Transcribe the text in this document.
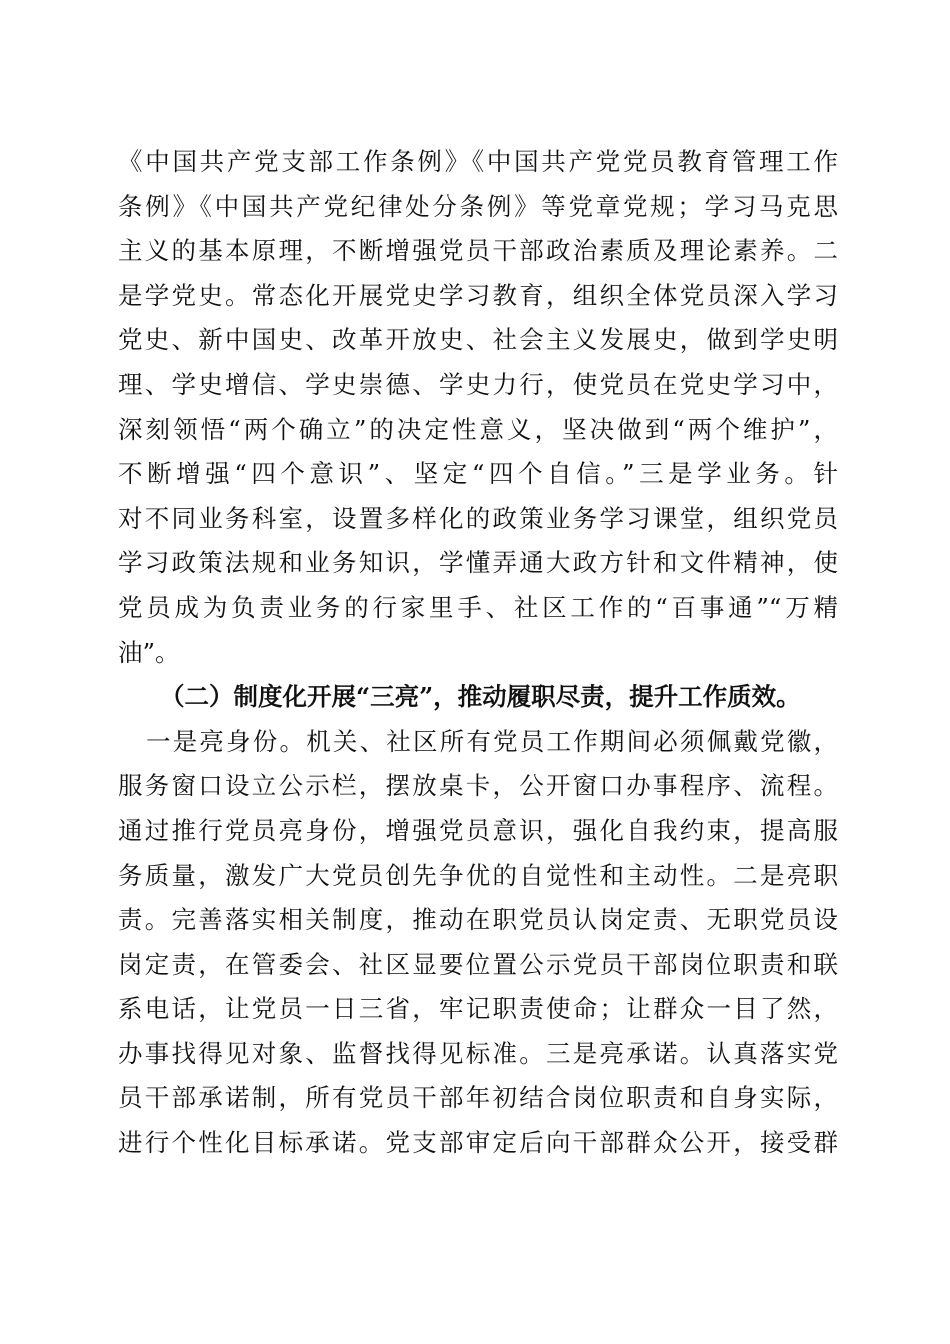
《中国共产党支部工作条例》《中国共产党党员教育管理工作
条例》《中国共产党纪律处分条例》等党章党规；学习马克思
主义的基本原理，不断增强党员干部政治素质及理论素养。二
是学党史。常态化开展党史学习教育，组织全体党员深入学习
党史、新中国史、改革开放史、社会主义发展史，做到学史明
理、学史增信、学史崇德、学史力行，使党员在党史学习中，
深刻领悟“两个确立”的决定性意义，坚决做到“两个维护”，
不断增强“四个意识”、坚定“四个自信。”三是学业务。针
对不同业务科室，设置多样化的政策业务学习课堂，组织党员
学习政策法规和业务知识，学懂弄通大政方针和文件精神，使
党员成为负责业务的行家里手、社区工作的“百事通”“万精
油”。
（二）制度化开展“三亮”，推动履职尽责，提升工作质效。
一是亮身份。机关、社区所有党员工作期间必须佩戴党徽，
服务窗口设立公示栏，摆放桌卡，公开窗口办事程序、流程。
通过推行党员亮身份，增强党员意识，强化自我约束，提高服
务质量，激发广大党员创先争优的自觉性和主动性。二是亮职
责。完善落实相关制度，推动在职党员认岗定责、无职党员设
岗定责，在管委会、社区显要位置公示党员干部岗位职责和联
系电话，让党员一日三省，牢记职责使命；让群众一目了然，
办事找得见对象、监督找得见标准。三是亮承诺。认真落实党
员干部承诺制，所有党员干部年初结合岗位职责和自身实际，
进行个性化目标承诺。党支部审定后向干部群众公开，接受群
